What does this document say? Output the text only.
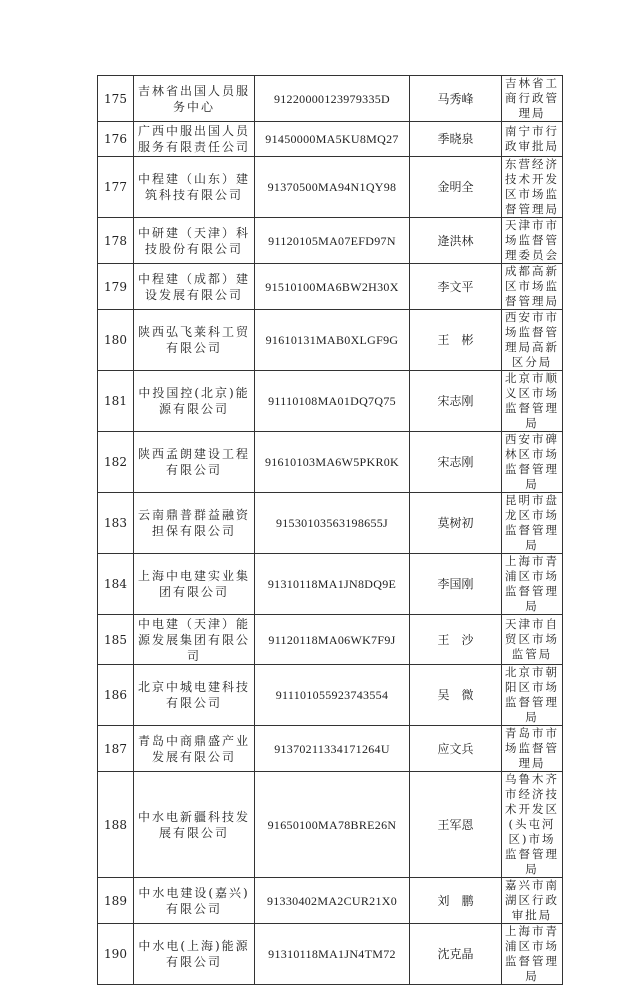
175	吉林省出国人员服务中心	91220000123979335D	马秀峰	吉林省工商行政管理局
176	广西中服出国人员服务有限责任公司	91450000MA5KU8MQ27	季晓泉	南宁市行政审批局
177	中程建（山东）建筑科技有限公司	91370500MA94N1QY98	金明全	东营经济技术开发区市场监督管理局
178	中研建（天津）科技股份有限公司	91120105MA07EFD97N	逄洪林	天津市市场监督管理委员会
179	中程建（成都）建设发展有限公司	91510100MA6BW2H30X	李文平	成都高新区市场监督管理局
180	陕西弘飞莱科工贸有限公司	91610131MAB0XLGF9G	王　彬	西安市市场监督管理局高新区分局
181	中投国控(北京)能源有限公司	91110108MA01DQ7Q75	宋志刚	北京市顺义区市场监督管理局
182	陕西孟朗建设工程有限公司	91610103MA6W5PKR0K	宋志刚	西安市碑林区市场监督管理局
183	云南鼎普群益融资担保有限公司	91530103563198655J	莫树初	昆明市盘龙区市场监督管理局
184	上海中电建实业集团有限公司	91310118MA1JN8DQ9E	李国刚	上海市青浦区市场监督管理局
185	中电建（天津）能源发展集团有限公司	91120118MA06WK7F9J	王　沙	天津市自贸区市场监管局
186	北京中城电建科技有限公司	911101055923743554	吴　微	北京市朝阳区市场监督管理局
187	青岛中商鼎盛产业发展有限公司	91370211334171264U	应文兵	青岛市市场监督管理局
188	中水电新疆科技发展有限公司	91650100MA78BRE26N	王军恩	乌鲁木齐市经济技术开发区(头屯河区)市场监督管理局
189	中水电建设(嘉兴)有限公司	91330402MA2CUR21X0	刘　鹏	嘉兴市南湖区行政审批局
190	中水电(上海)能源有限公司	91310118MA1JN4TM72	沈克晶	上海市青浦区市场监督管理局
